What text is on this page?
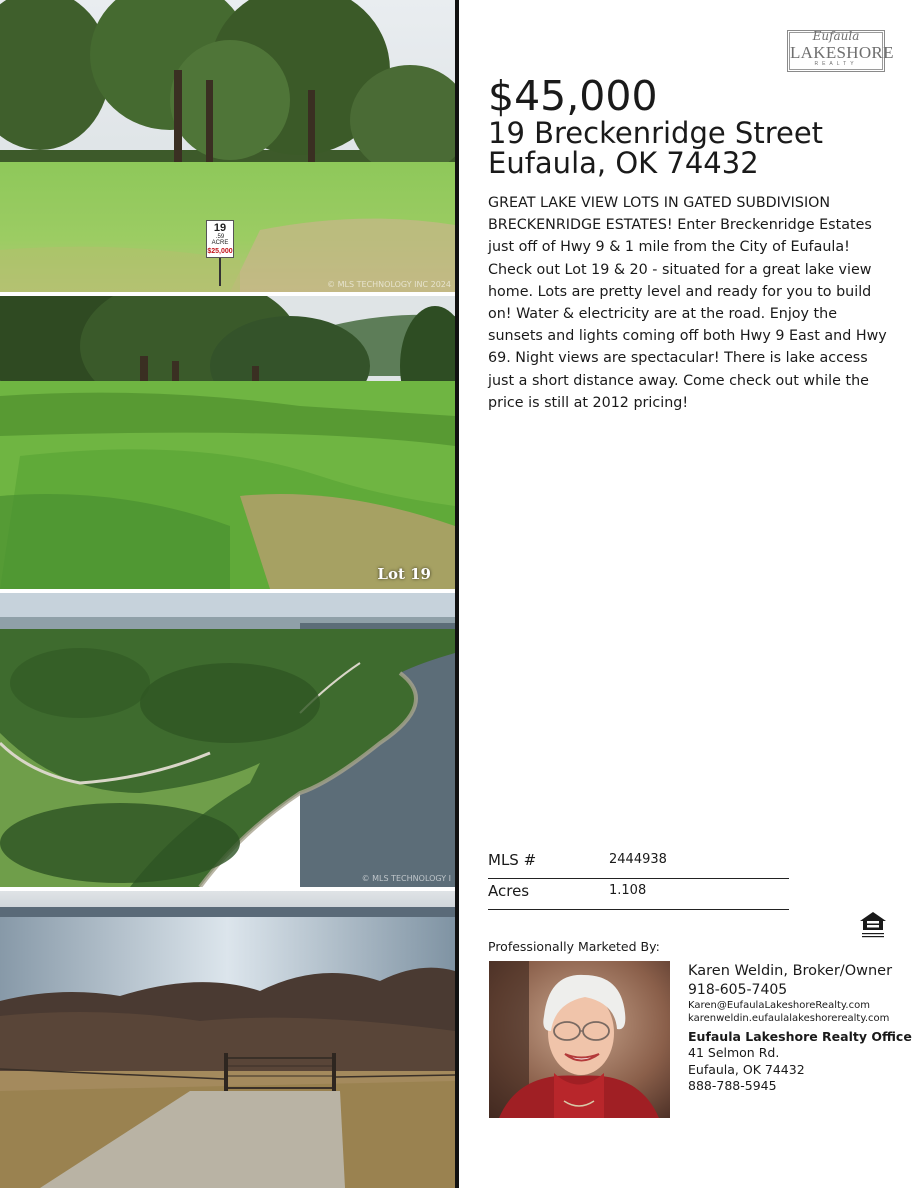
19
.59
ACRE
$25,000
© MLS TECHNOLOGY INC 2024
Lot 19
© MLS TECHNOLOGY I
Eufaula
LAKESHORE
REALTY
$45,000
19 Breckenridge Street
Eufaula, OK 74432

GREAT LAKE VIEW LOTS IN GATED SUBDIVISION BRECKENRIDGE ESTATES! Enter Breckenridge Estates just off of Hwy 9 & 1 mile from the City of Eufaula! Check out Lot 19 & 20 - situated for a great lake view home. Lots are pretty level and ready for you to build on! Water & electricity are at the road. Enjoy the sunsets and lights coming off both Hwy 9 East and Hwy 69. Night views are spectacular! There is lake access just a short distance away. Come check out while the price is still at 2012 pricing!

MLS #	2444938
Acres	1.108
Professionally Marketed By:
Karen Weldin, Broker/Owner
918-605-7405
Karen@EufaulaLakeshoreRealty.com
karenweldin.eufaulalakeshorerealty.com
Eufaula Lakeshore Realty Office
41 Selmon Rd.
Eufaula, OK 74432
888-788-5945
